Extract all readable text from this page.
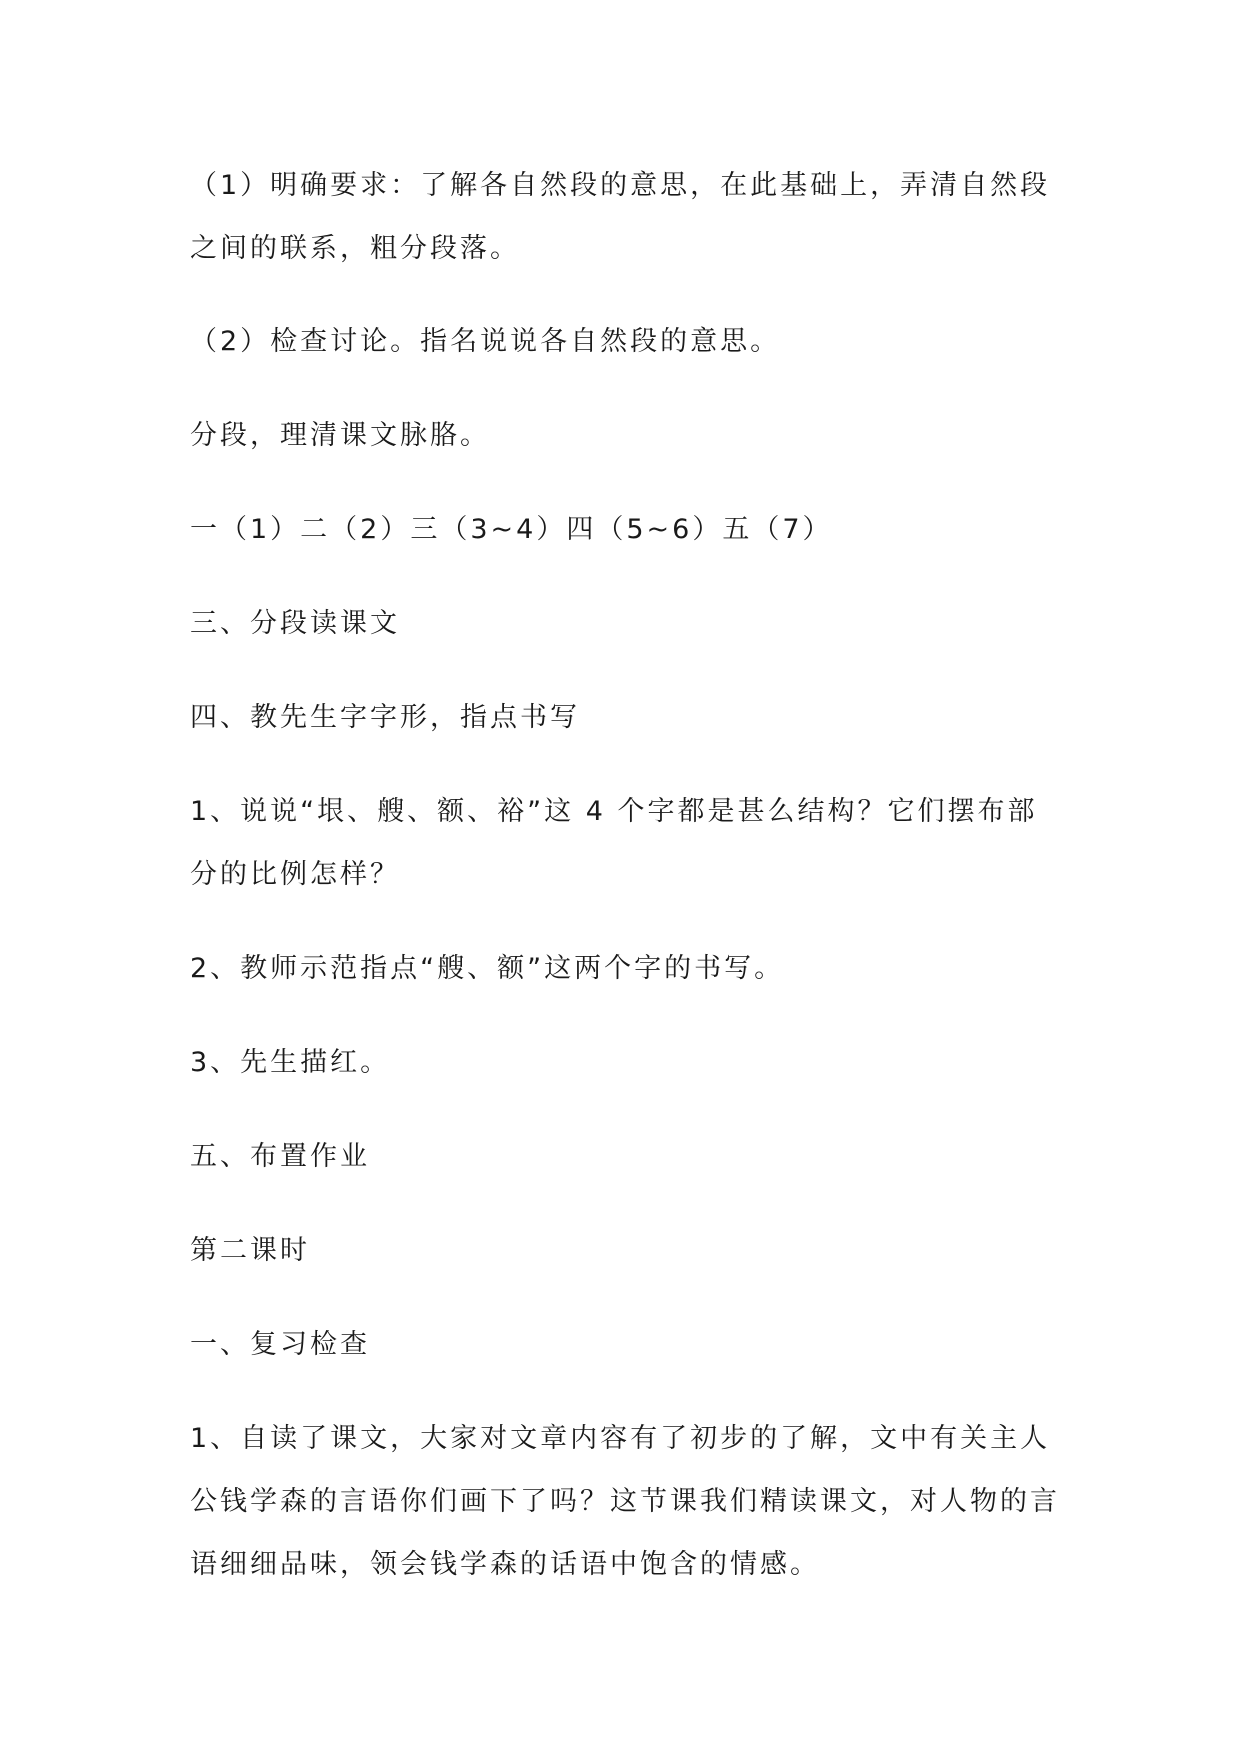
（1）明确要求：了解各自然段的意思，在此基础上，弄清自然段
之间的联系，粗分段落。
（2）检查讨论。指名说说各自然段的意思。
分段，理清课文脉胳。
一（1）二（2）三（3~4）四（5~6）五（7）
三、分段读课文
四、教先生字字形，指点书写
1、说说“垠、艘、额、裕”这 4 个字都是甚么结构？它们摆布部
分的比例怎样？
2、教师示范指点“艘、额”这两个字的书写。
3、先生描红。
五、布置作业
第二课时
一、复习检查
1、自读了课文，大家对文章内容有了初步的了解，文中有关主人
公钱学森的言语你们画下了吗？这节课我们精读课文，对人物的言
语细细品味，领会钱学森的话语中饱含的情感。
